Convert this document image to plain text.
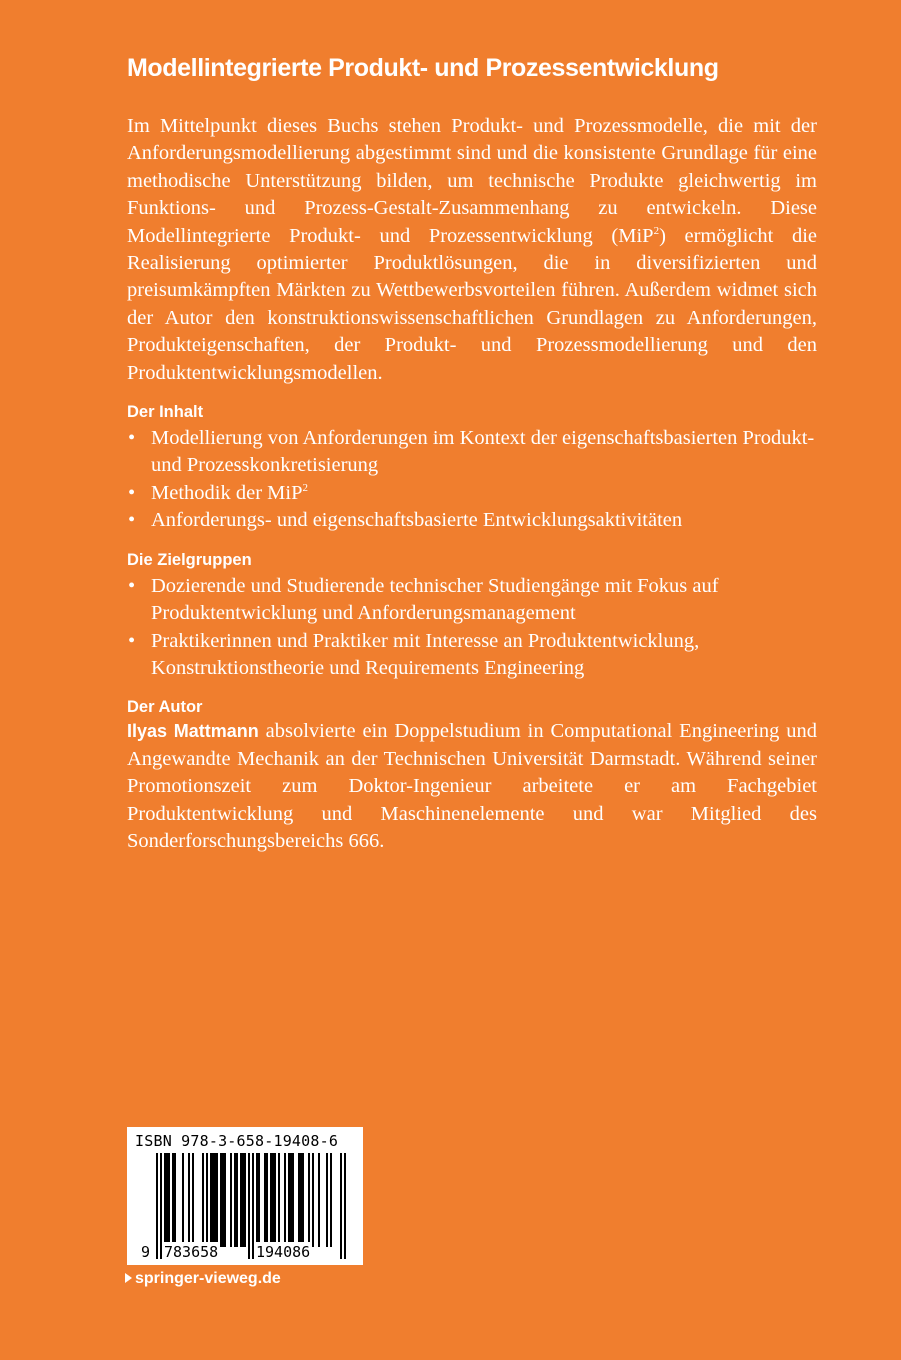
Modellintegrierte Produkt- und Prozessentwicklung

Im Mittelpunkt dieses Buchs stehen Produkt- und Prozessmodelle, die mit der Anforderungsmodellierung abgestimmt sind und die konsistente Grundlage für eine methodische Unterstützung bilden, um technische Produkte gleichwertig im Funktions- und Prozess-Gestalt-Zusammenhang zu entwickeln. Diese Modellintegrierte Produkt- und Prozessentwicklung (MiP$^2$) ermöglicht die Realisierung optimierter Produktlösungen, die in diversifizierten und preisumkämpften Märkten zu Wettbewerbsvorteilen führen. Außerdem widmet sich der Autor den konstruktionswissenschaftlichen Grundlagen zu Anforderungen, Produkteigenschaften, der Produkt- und Prozessmodellierung und den Produktentwicklungsmodellen.

Der Inhalt
• Modellierung von Anforderungen im Kontext der eigenschaftsbasierten Produkt- und Prozesskonkretisierung
• Methodik der MiP$^2$
• Anforderungs- und eigenschaftsbasierte Entwicklungsaktivitäten
Die Zielgruppen
• Dozierende und Studierende technischer Studiengänge mit Fokus auf Produktentwicklung und Anforderungsmanagement
• Praktikerinnen und Praktiker mit Interesse an Produktentwicklung, Konstruktionstheorie und Requirements Engineering
Der Autor

Ilyas Mattmann absolvierte ein Doppelstudium in Computational Engineering und Angewandte Mechanik an der Technischen Universität Darmstadt. Während seiner Promotionszeit zum Doktor-Ingenieur arbeitete er am Fachgebiet Produktentwicklung und Maschinenelemente und war Mitglied des Sonderforschungsbereichs 666.

ISBN 978-3-658-19408-6
9 783658	194086
springer-vieweg.de
